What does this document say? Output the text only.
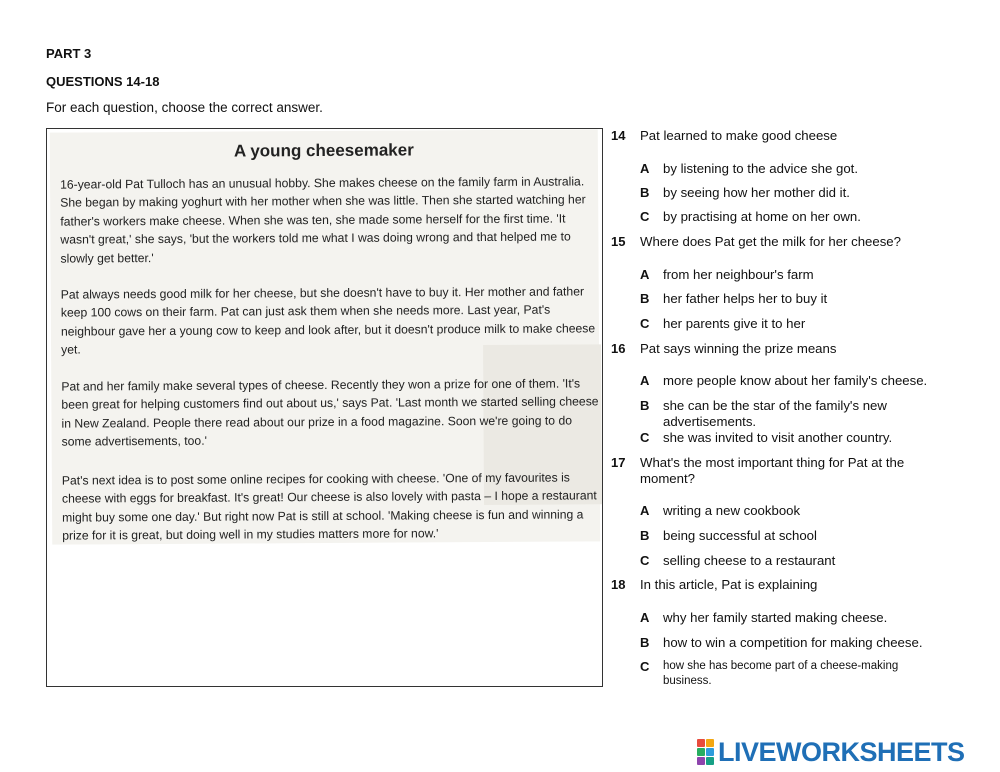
PART 3
QUESTIONS 14-18
For each question, choose the correct answer.
A young cheesemaker
16-year-old Pat Tulloch has an unusual hobby. She makes cheese on the family farm in Australia. She began by making yoghurt with her mother when she was little. Then she started watching her father's workers make cheese. When she was ten, she made some herself for the first time. 'It wasn't great,' she says, 'but the workers told me what I was doing wrong and that helped me to slowly get better.'
Pat always needs good milk for her cheese, but she doesn't have to buy it. Her mother and father keep 100 cows on their farm. Pat can just ask them when she needs more. Last year, Pat's neighbour gave her a young cow to keep and look after, but it doesn't produce milk to make cheese yet.
Pat and her family make several types of cheese. Recently they won a prize for one of them. 'It's been great for helping customers find out about us,' says Pat. 'Last month we started selling cheese in New Zealand. People there read about our prize in a food magazine. Soon we're going to do some advertisements, too.'
Pat's next idea is to post some online recipes for cooking with cheese. 'One of my favourites is cheese with eggs for breakfast. It's great! Our cheese is also lovely with pasta – I hope a restaurant might buy some one day.' But right now Pat is still at school. 'Making cheese is fun and winning a prize for it is great, but doing well in my studies matters more for now.'
14 Pat learned to make good cheese
A by listening to the advice she got.
B by seeing how her mother did it.
C by practising at home on her own.
15 Where does Pat get the milk for her cheese?
A from her neighbour's farm
B her father helps her to buy it
C her parents give it to her
16 Pat says winning the prize means
A more people know about her family's cheese.
B she can be the star of the family's new advertisements.
C she was invited to visit another country.
17 What's the most important thing for Pat at the moment?
A writing a new cookbook
B being successful at school
C selling cheese to a restaurant
18 In this article, Pat is explaining
A why her family started making cheese.
B how to win a competition for making cheese.
C how she has become part of a cheese-making business.
LIVEWORKSHEETS
